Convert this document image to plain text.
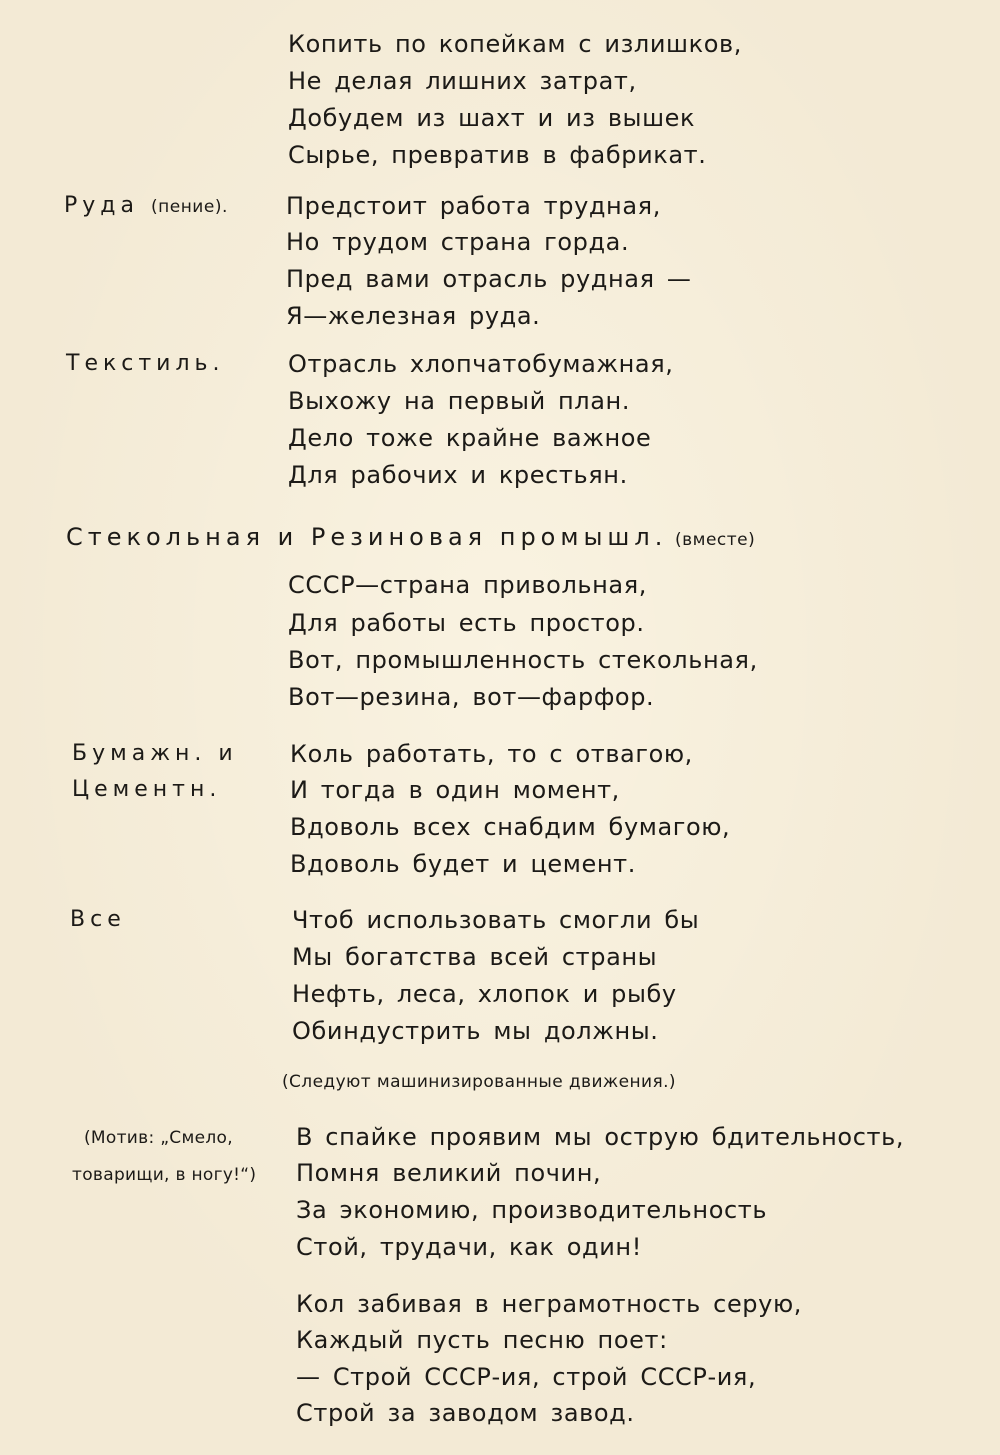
Копить по копейкам с излишков,
Не делая лишних затрат,
Добудем из шахт и из вышек
Сырье, превратив в фабрикат.
Руда (пение). Предстоит работа трудная,
Но трудом страна горда.
Пред вами отрасль рудная —
Я—железная руда.
Текстиль.	Отрасль хлопчатобумажная,
Выхожу на первый план.
Дело тоже крайне важное
Для рабочих и крестьян.
Стекольная и Резиновая промышл. (вместе)
СССР—страна привольная,
Для работы есть простор.
Вот, промышленность стекольная,
Вот—резина, вот—фарфор.
Бумажн. и
Цементн.
Коль работать, то с отвагою,
И тогда в один момент,
Вдоволь всех снабдим бумагою,
Вдоволь будет и цемент.
Все	Чтоб использовать смогли бы
Мы богатства всей страны
Нефть, леса, хлопок и рыбу
Обиндустрить мы должны.
(Следуют машинизированные движения.)
(Мотив: „Смело,
товарищи, в ногу!“)
В спайке проявим мы острую бдительность,
Помня великий почин,
За экономию, производительность
Стой, трудачи, как один!
Кол забивая в неграмотность серую,
Каждый пусть песню поет:
— Строй СССР-ия, строй СССР-ия,
Строй за заводом завод.
